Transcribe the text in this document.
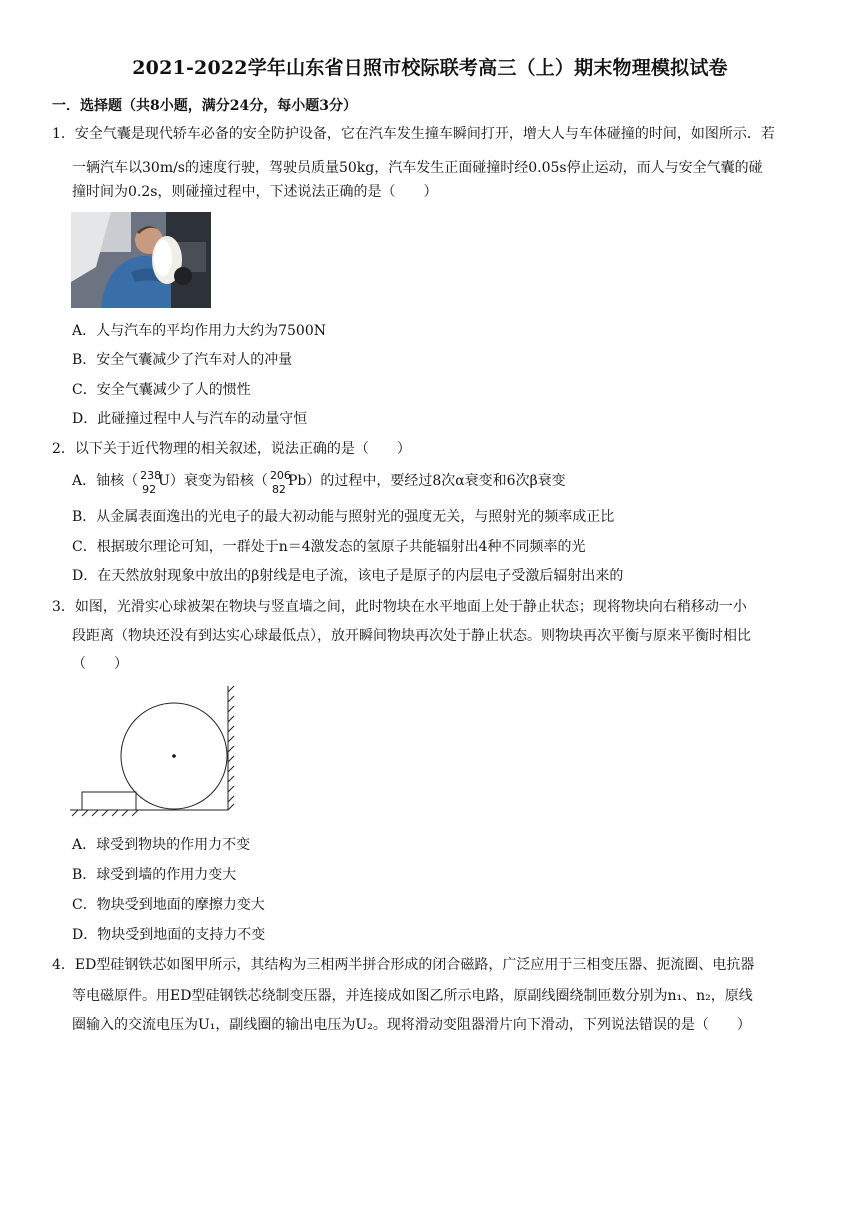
2021-2022学年山东省日照市校际联考高三（上）期末物理模拟试卷
一．选择题（共8小题，满分24分，每小题3分）
1．安全气囊是现代轿车必备的安全防护设备，它在汽车发生撞车瞬间打开，增大人与车体碰撞的时间，如图所示．若
一辆汽车以30m/s的速度行驶，驾驶员质量50kg，汽车发生正面碰撞时经0.05s停止运动，而人与安全气囊的碰
撞时间为0.2s，则碰撞过程中，下述说法正确的是（　　）
A．人与汽车的平均作用力大约为7500N
B．安全气囊减少了汽车对人的冲量
C．安全气囊减少了人的惯性
D．此碰撞过程中人与汽车的动量守恒
2．以下关于近代物理的相关叙述，说法正确的是（　　）
A．铀核（ 238
92
U）衰变为铅核（ 206
82
Pb）的过程中，要经过8次α衰变和6次β衰变
B．从金属表面逸出的光电子的最大初动能与照射光的强度无关，与照射光的频率成正比
C．根据玻尔理论可知，一群处于n＝4激发态的氢原子共能辐射出4种不同频率的光
D．在天然放射现象中放出的β射线是电子流，该电子是原子的内层电子受激后辐射出来的
3．如图，光滑实心球被架在物块与竖直墙之间，此时物块在水平地面上处于静止状态；现将物块向右稍移动一小
段距离（物块还没有到达实心球最低点），放开瞬间物块再次处于静止状态。则物块再次平衡与原来平衡时相比
（　　）
A．球受到物块的作用力不变
B．球受到墙的作用力变大
C．物块受到地面的摩擦力变大
D．物块受到地面的支持力不变
4．ED型硅钢铁芯如图甲所示，其结构为三相两半拼合形成的闭合磁路，广泛应用于三相变压器、扼流圈、电抗器
等电磁原件。用ED型硅钢铁芯绕制变压器，并连接成如图乙所示电路，原副线圈绕制匝数分别为n₁、n₂，原线
圈输入的交流电压为U₁，副线圈的输出电压为U₂。现将滑动变阻器滑片向下滑动，下列说法错误的是（　　）
